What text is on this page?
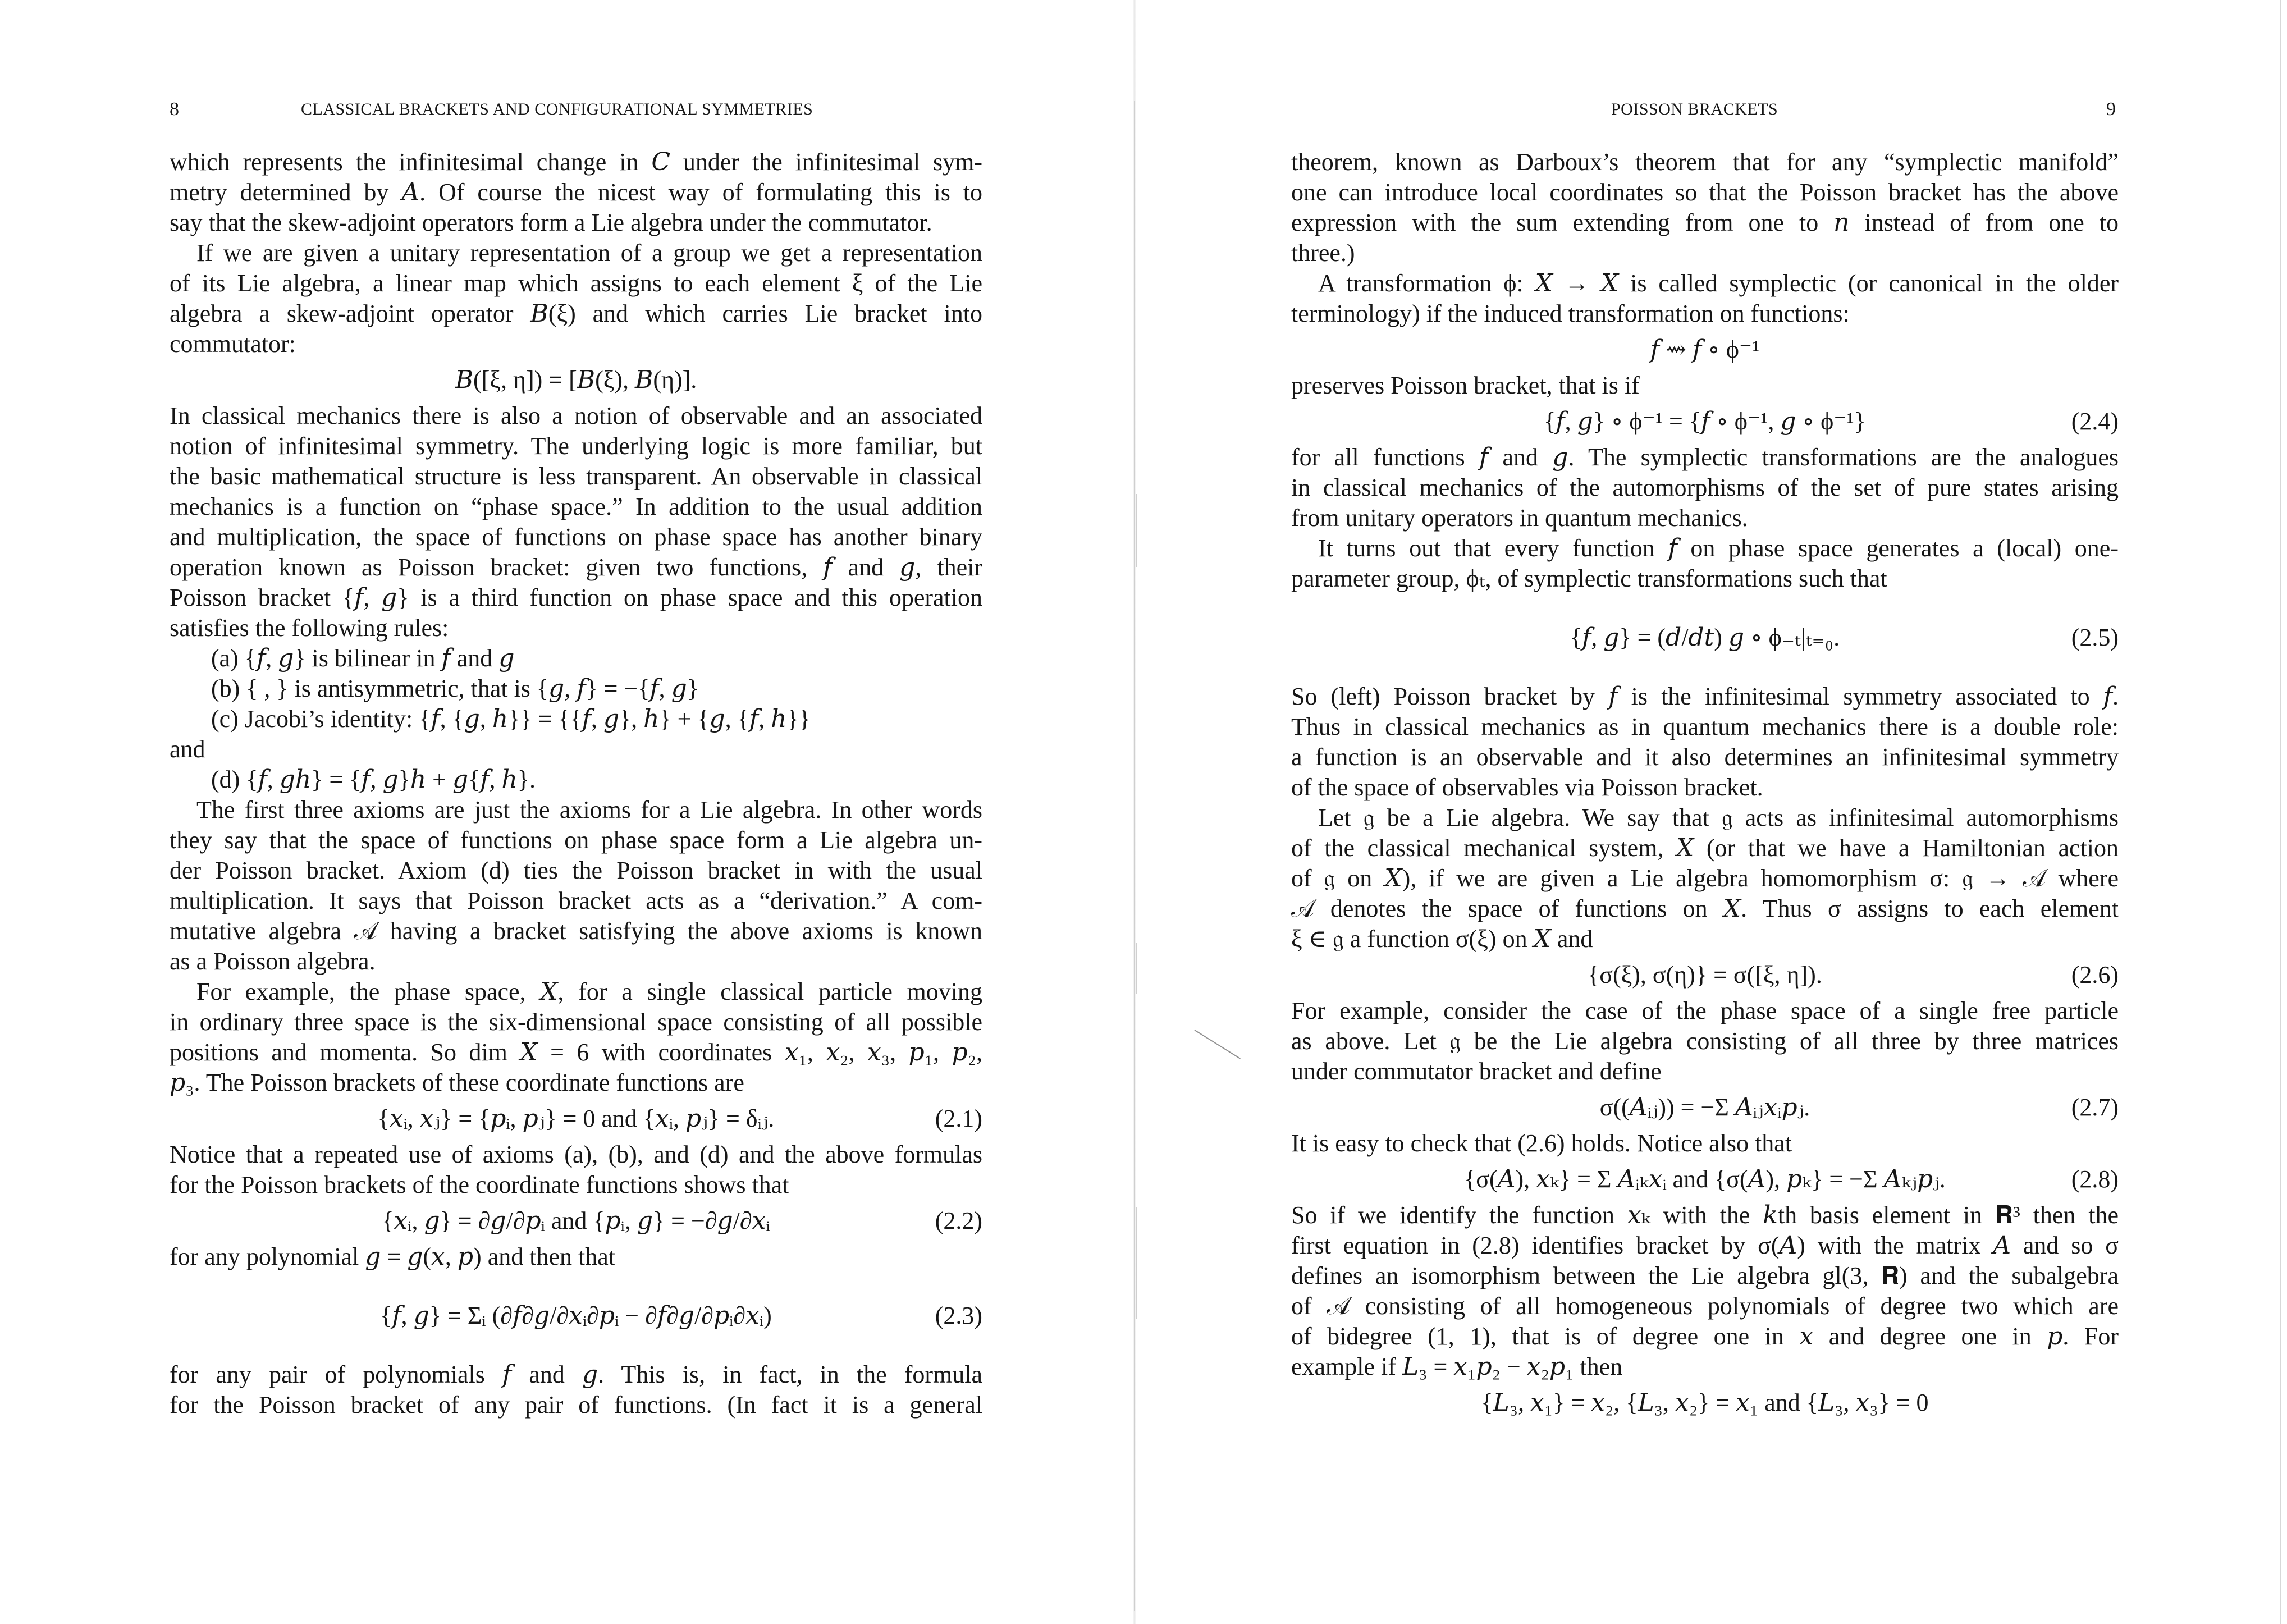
8	CLASSICAL BRACKETS AND CONFIGURATIONAL SYMMETRIES
which represents the infinitesimal change in 𝐶 under the infinitesimal sym-
metry determined by 𝐴. Of course the nicest way of formulating this is to
say that the skew-adjoint operators form a Lie algebra under the commutator.
If we are given a unitary representation of a group we get a representation
of its Lie algebra, a linear map which assigns to each element ξ of the Lie
algebra a skew-adjoint operator 𝐵(ξ) and which carries Lie bracket into
commutator:
𝐵([ξ, η]) = [𝐵(ξ), 𝐵(η)].
In classical mechanics there is also a notion of observable and an associated
notion of infinitesimal symmetry. The underlying logic is more familiar, but
the basic mathematical structure is less transparent. An observable in classical
mechanics is a function on “phase space.” In addition to the usual addition
and multiplication, the space of functions on phase space has another binary
operation known as Poisson bracket: given two functions, 𝑓 and 𝑔, their
Poisson bracket {𝑓, 𝑔} is a third function on phase space and this operation
satisfies the following rules:
(a) {𝑓, 𝑔} is bilinear in 𝑓 and 𝑔
(b) { , } is antisymmetric, that is {𝑔, 𝑓} = −{𝑓, 𝑔}
(c) Jacobi’s identity: {𝑓, {𝑔, ℎ}} = {{𝑓, 𝑔}, ℎ} + {𝑔, {𝑓, ℎ}}
and
(d) {𝑓, 𝑔ℎ} = {𝑓, 𝑔}ℎ + 𝑔{𝑓, ℎ}.
The first three axioms are just the axioms for a Lie algebra. In other words
they say that the space of functions on phase space form a Lie algebra un-
der Poisson bracket. Axiom (d) ties the Poisson bracket in with the usual
multiplication. It says that Poisson bracket acts as a “derivation.” A com-
mutative algebra 𝒜 having a bracket satisfying the above axioms is known
as a Poisson algebra.
For example, the phase space, 𝑋, for a single classical particle moving
in ordinary three space is the six-dimensional space consisting of all possible
positions and momenta. So dim 𝑋 = 6 with coordinates 𝑥₁, 𝑥₂, 𝑥₃, 𝑝₁, 𝑝₂,
𝑝₃. The Poisson brackets of these coordinate functions are
{𝑥ᵢ, 𝑥ⱼ} = {𝑝ᵢ, 𝑝ⱼ} = 0 and {𝑥ᵢ, 𝑝ⱼ} = δᵢⱼ.	(2.1)
Notice that a repeated use of axioms (a), (b), and (d) and the above formulas
for the Poisson brackets of the coordinate functions shows that
{𝑥ᵢ, 𝑔} = ∂𝑔/∂𝑝ᵢ and {𝑝ᵢ, 𝑔} = −∂𝑔/∂𝑥ᵢ	(2.2)
for any polynomial 𝑔 = 𝑔(𝑥, 𝑝) and then that
{𝑓, 𝑔} = Σᵢ (∂𝑓∂𝑔/∂𝑥ᵢ∂𝑝ᵢ − ∂𝑓∂𝑔/∂𝑝ᵢ∂𝑥ᵢ)	(2.3)
for any pair of polynomials 𝑓 and 𝑔. This is, in fact, in the formula
for the Poisson bracket of any pair of functions. (In fact it is a general
POISSON BRACKETS	9
theorem, known as Darboux’s theorem that for any “symplectic manifold”
one can introduce local coordinates so that the Poisson bracket has the above
expression with the sum extending from one to 𝑛 instead of from one to
three.)
A transformation ϕ: 𝑋 → 𝑋 is called symplectic (or canonical in the older
terminology) if the induced transformation on functions:
𝑓 ⇝ 𝑓 ∘ ϕ⁻¹
preserves Poisson bracket, that is if
{𝑓, 𝑔} ∘ ϕ⁻¹ = {𝑓 ∘ ϕ⁻¹, 𝑔 ∘ ϕ⁻¹}	(2.4)
for all functions 𝑓 and 𝑔. The symplectic transformations are the analogues
in classical mechanics of the automorphisms of the set of pure states arising
from unitary operators in quantum mechanics.
It turns out that every function 𝑓 on phase space generates a (local) one-
parameter group, ϕₜ, of symplectic transformations such that
{𝑓, 𝑔} = (𝑑/𝑑𝑡) 𝑔 ∘ ϕ₋ₜ|ₜ₌₀.	(2.5)
So (left) Poisson bracket by 𝑓 is the infinitesimal symmetry associated to 𝑓.
Thus in classical mechanics as in quantum mechanics there is a double role:
a function is an observable and it also determines an infinitesimal symmetry
of the space of observables via Poisson bracket.
Let 𝔤 be a Lie algebra. We say that 𝔤 acts as infinitesimal automorphisms
of the classical mechanical system, 𝑋 (or that we have a Hamiltonian action
of 𝔤 on 𝑋), if we are given a Lie algebra homomorphism σ: 𝔤 → 𝒜 where
𝒜 denotes the space of functions on 𝑋. Thus σ assigns to each element
ξ ∈ 𝔤 a function σ(ξ) on 𝑋 and
{σ(ξ), σ(η)} = σ([ξ, η]).	(2.6)
For example, consider the case of the phase space of a single free particle
as above. Let 𝔤 be the Lie algebra consisting of all three by three matrices
under commutator bracket and define
σ((𝐴ᵢⱼ)) = −Σ 𝐴ᵢⱼ𝑥ᵢ𝑝ⱼ.	(2.7)
It is easy to check that (2.6) holds. Notice also that
{σ(𝐴), 𝑥ₖ} = Σ 𝐴ᵢₖ𝑥ᵢ and {σ(𝐴), 𝑝ₖ} = −Σ 𝐴ₖⱼ𝑝ⱼ.	(2.8)
So if we identify the function 𝑥ₖ with the 𝑘th basis element in 𝐑³ then the
first equation in (2.8) identifies bracket by σ(𝐴) with the matrix 𝐴 and so σ
defines an isomorphism between the Lie algebra gl(3, 𝐑) and the subalgebra
of 𝒜 consisting of all homogeneous polynomials of degree two which are
of bidegree (1, 1), that is of degree one in 𝑥 and degree one in 𝑝. For
example if 𝐿₃ = 𝑥₁𝑝₂ − 𝑥₂𝑝₁ then
{𝐿₃, 𝑥₁} = 𝑥₂, {𝐿₃, 𝑥₂} = 𝑥₁ and {𝐿₃, 𝑥₃} = 0
